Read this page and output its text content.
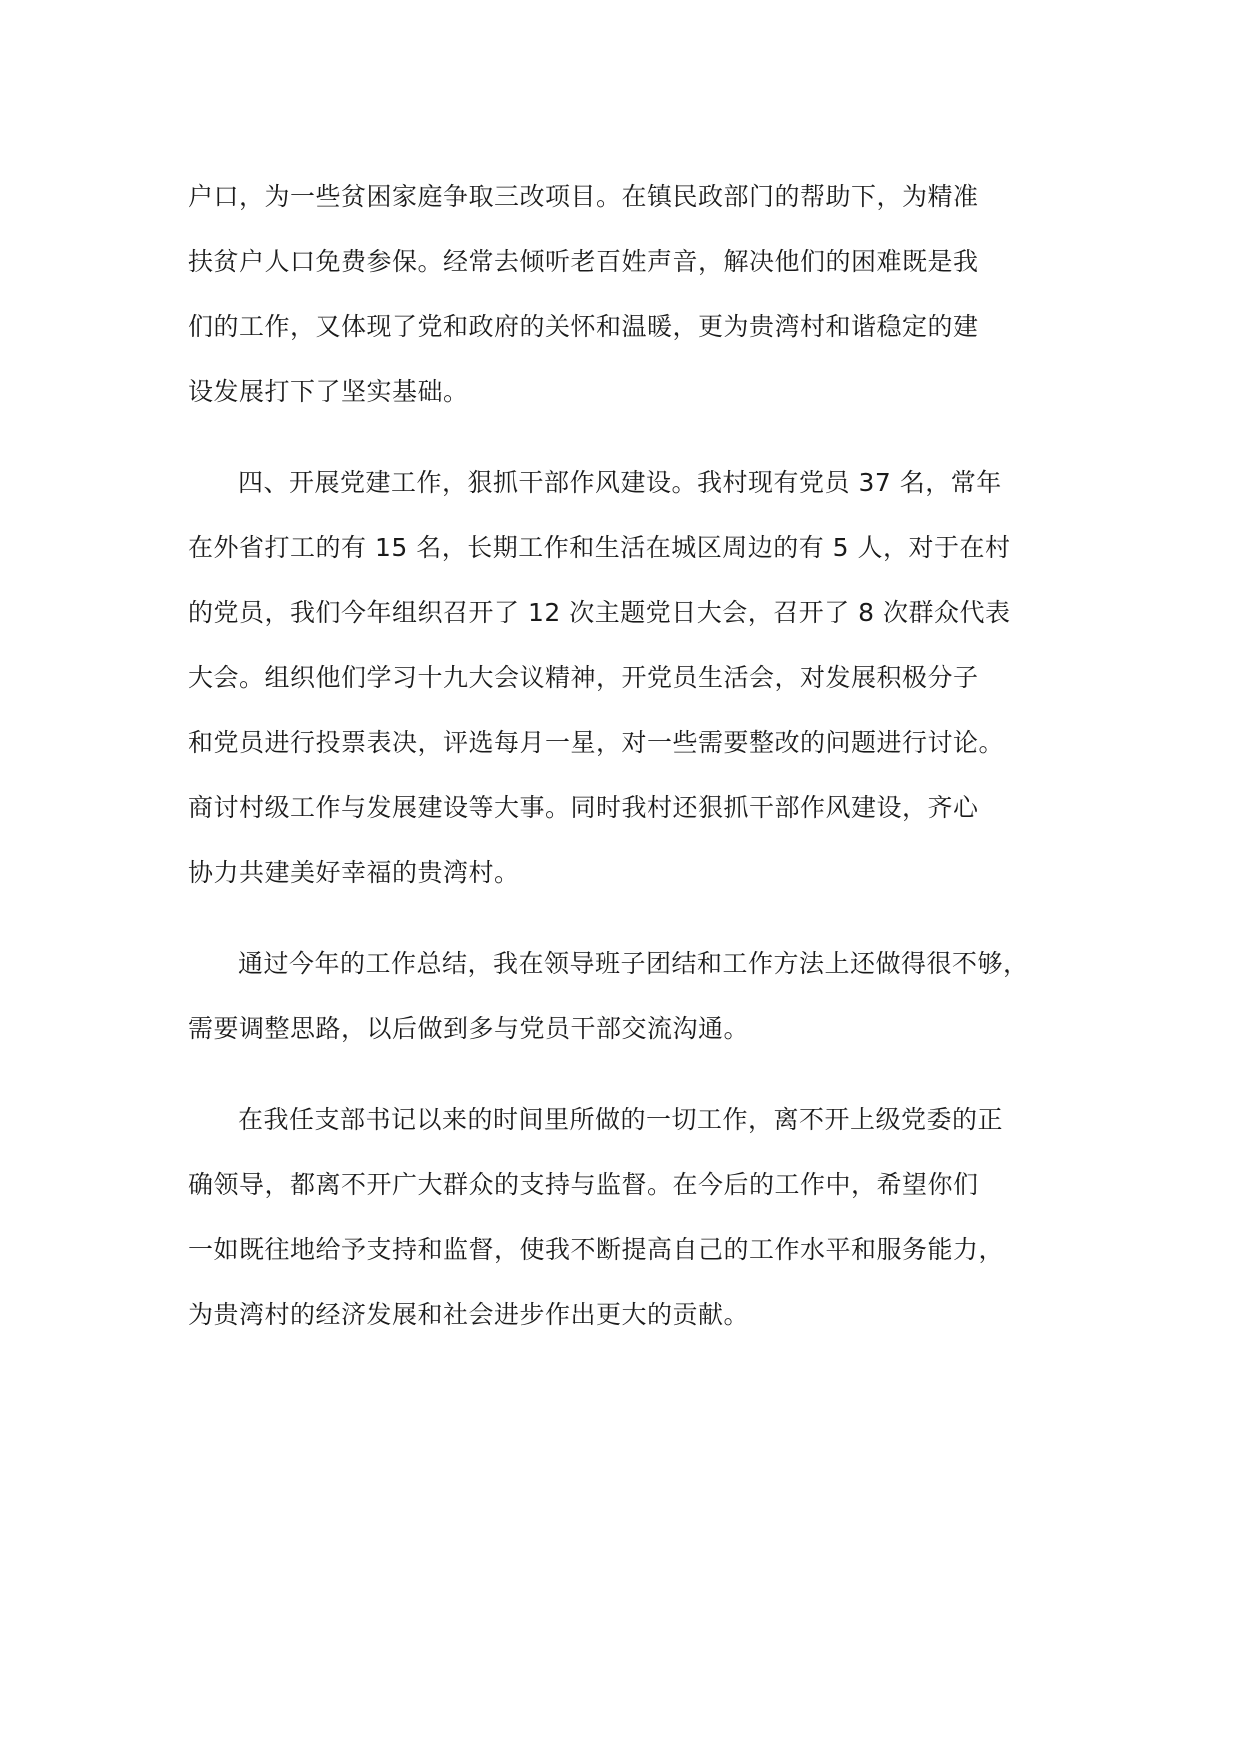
户口，为一些贫困家庭争取三改项目。在镇民政部门的帮助下，为精准
扶贫户人口免费参保。经常去倾听老百姓声音，解决他们的困难既是我
们的工作，又体现了党和政府的关怀和温暖，更为贵湾村和谐稳定的建
设发展打下了坚实基础。
四、开展党建工作，狠抓干部作风建设。我村现有党员 37 名，常年
在外省打工的有 15 名，长期工作和生活在城区周边的有 5 人，对于在村
的党员，我们今年组织召开了 12 次主题党日大会，召开了 8 次群众代表
大会。组织他们学习十九大会议精神，开党员生活会，对发展积极分子
和党员进行投票表决，评选每月一星，对一些需要整改的问题进行讨论。
商讨村级工作与发展建设等大事。同时我村还狠抓干部作风建设，齐心
协力共建美好幸福的贵湾村。
通过今年的工作总结，我在领导班子团结和工作方法上还做得很不够，
需要调整思路，以后做到多与党员干部交流沟通。
在我任支部书记以来的时间里所做的一切工作，离不开上级党委的正
确领导，都离不开广大群众的支持与监督。在今后的工作中，希望你们
一如既往地给予支持和监督，使我不断提高自己的工作水平和服务能力，
为贵湾村的经济发展和社会进步作出更大的贡献。
